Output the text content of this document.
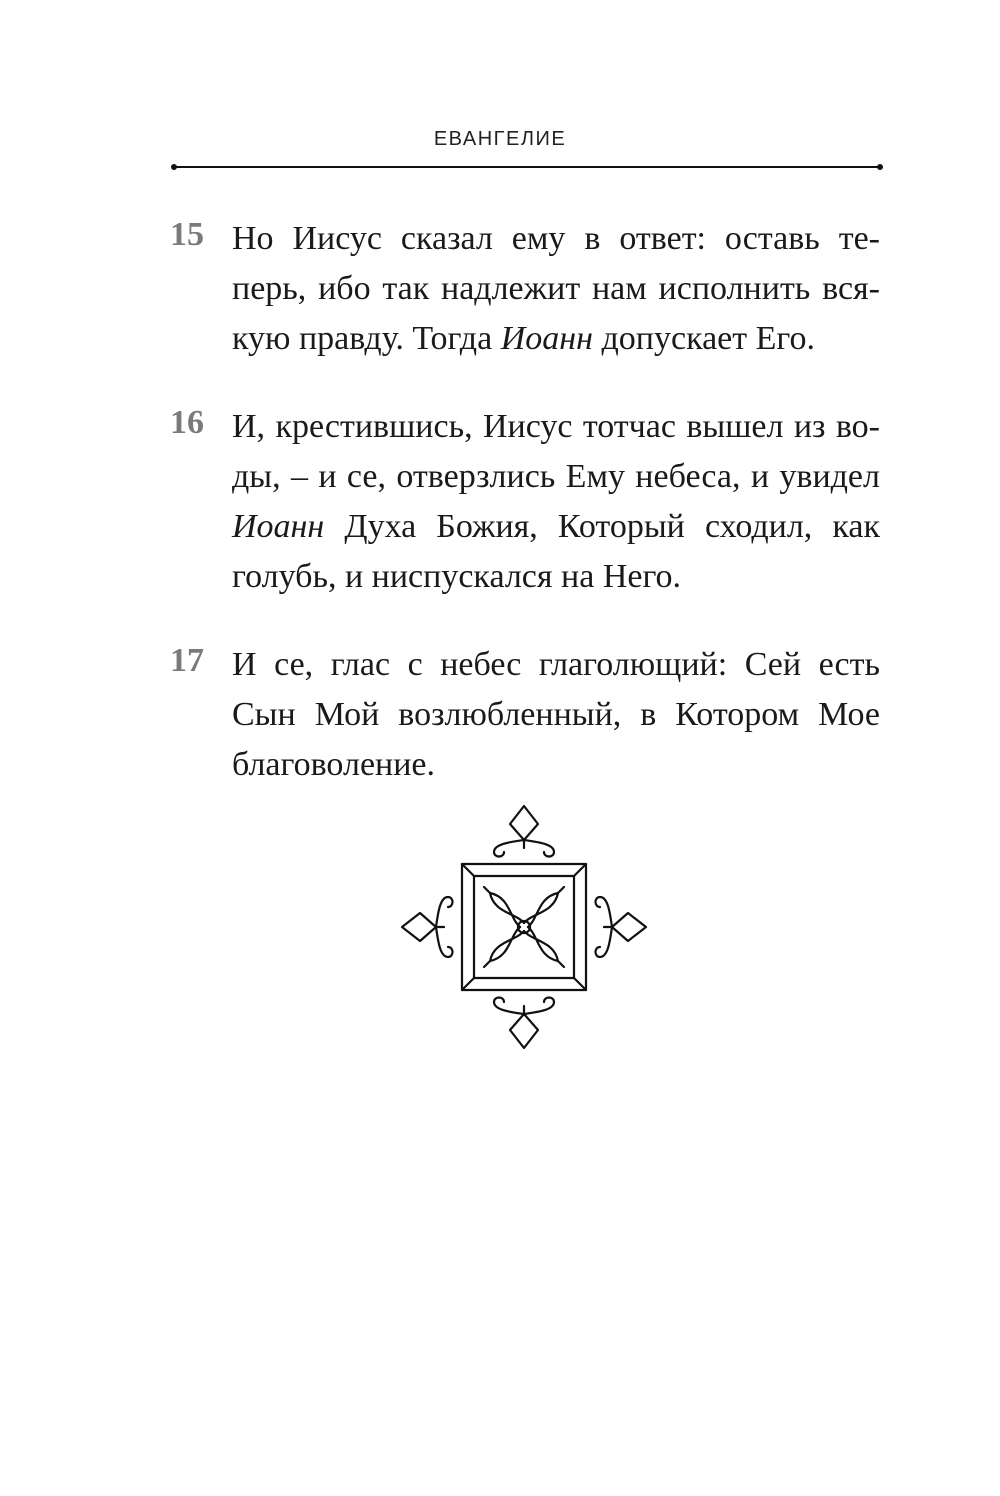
ЕВАНГЕЛИЕ
15 Но Иисус сказал ему в ответ: оставь те-
перь, ибо так надлежит нам исполнить вся-
кую правду. Тогда Иоанн допускает Его.
16 И, крестившись, Иисус тотчас вышел из во-
ды, – и се, отверзлись Ему небеса, и увидел
Иоанн Духа Божия, Который сходил, как
голубь, и ниспускался на Него.
17 И се, глас с небес глаголющий: Сей есть
Сын Мой возлюбленный, в Котором Мое
благоволение.
